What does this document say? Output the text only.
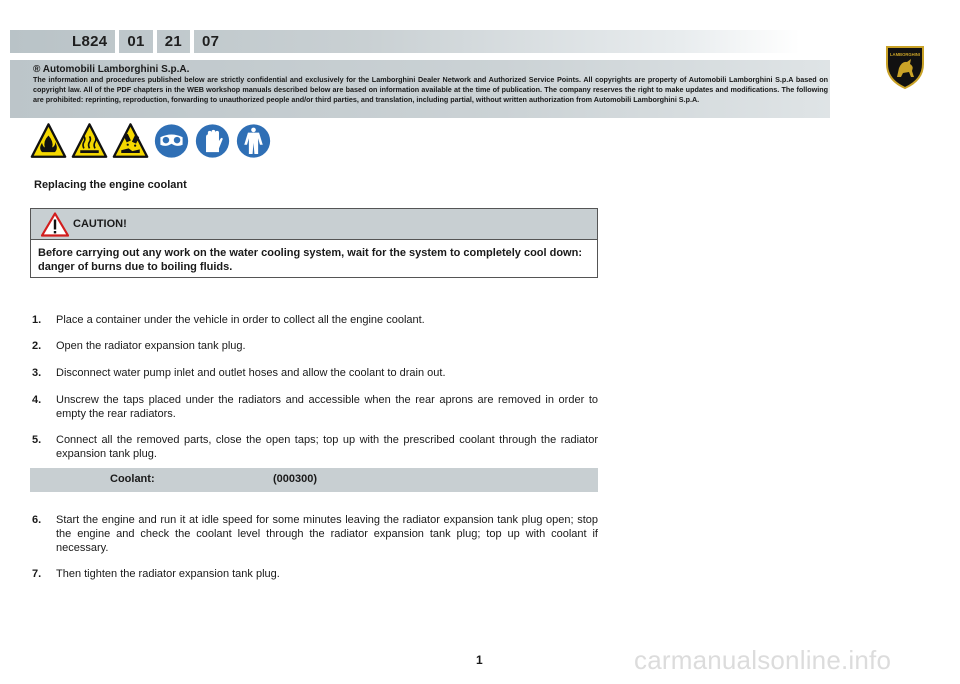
L824 01 21 07
® Automobili Lamborghini S.p.A.
The information and procedures published below are strictly confidential and exclusively for the Lamborghini Dealer Network and Authorized Service Points. All copyrights are property of Automobili Lamborghini S.p.A based on copyright law. All of the PDF chapters in the WEB workshop manuals described below are based on information available at the time of publication. The company reserves the right to make updates and modifications. The following are prohibited: reprinting, reproduction, forwarding to unauthorized people and/or third parties, and translation, including partial, without written authorization from Automobili Lamborghini S.p.A.
LAMBORGHINI
Replacing the engine coolant
CAUTION!
Before carrying out any work on the water cooling system, wait for the system to completely cool down: danger of burns due to boiling fluids.
1.	Place a container under the vehicle in order to collect all the engine coolant.
2.	Open the radiator expansion tank plug.
3.	Disconnect water pump inlet and outlet hoses and allow the coolant to drain out.
4.	Unscrew the taps placed under the radiators and accessible when the rear aprons are removed in order to empty the rear radiators.
5.	Connect all the removed parts, close the open taps; top up with the prescribed coolant through the radiator expansion tank plug.
Coolant:	(000300)
6.	Start the engine and run it at idle speed for some minutes leaving the radiator expansion tank plug open; stop the engine and check the coolant level through the radiator expansion tank plug; top up with coolant if necessary.
7.	Then tighten the radiator expansion tank plug.
1	carmanualsonline.info
